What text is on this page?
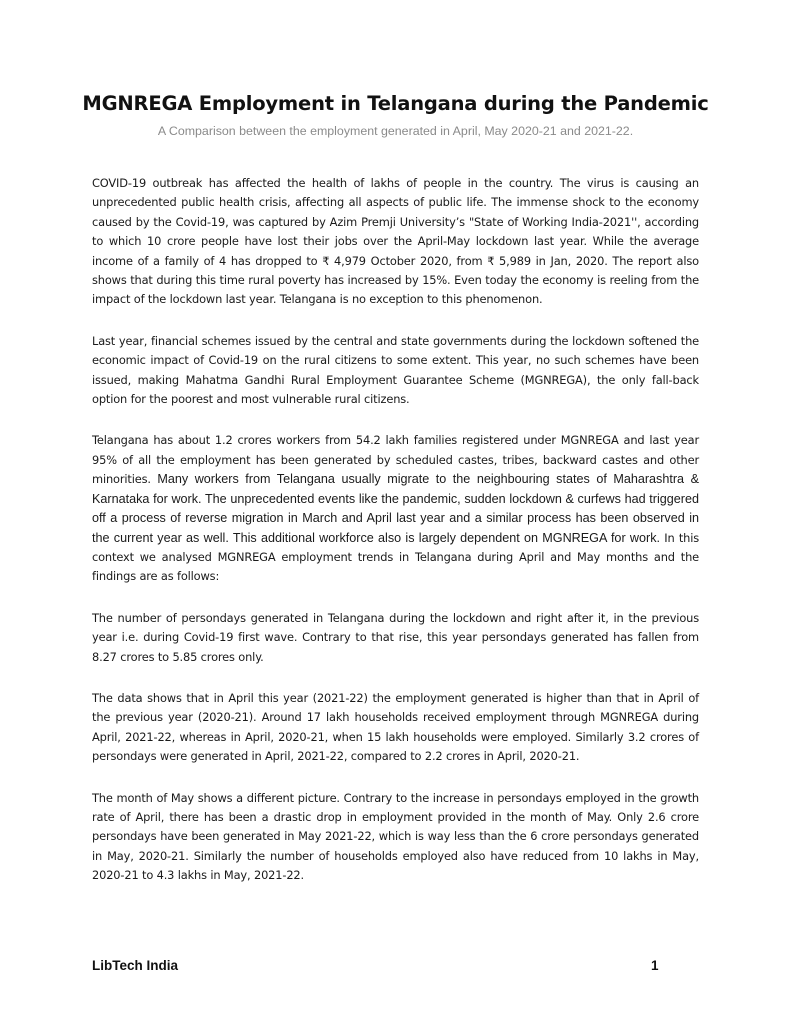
MGNREGA Employment in Telangana during the Pandemic

A Comparison between the employment generated in April, May 2020-21 and 2021-22.

COVID-19 outbreak has affected the health of lakhs of people in the country. The virus is causing an unprecedented public health crisis, affecting all aspects of public life. The immense shock to the economy caused by the Covid-19, was captured by Azim Premji University’s "State of Working India-2021'', according to which 10 crore people have lost their jobs over the April-May lockdown last year. While the average income of a family of 4 has dropped to ₹ 4,979 October 2020, from ₹ 5,989 in Jan, 2020. The report also shows that during this time rural poverty has increased by 15%. Even today the economy is reeling from the impact of the lockdown last year. Telangana is no exception to this phenomenon.

Last year, financial schemes issued by the central and state governments during the lockdown softened the economic impact of Covid-19 on the rural citizens to some extent. This year, no such schemes have been issued, making Mahatma Gandhi Rural Employment Guarantee Scheme (MGNREGA), the only fall-back option for the poorest and most vulnerable rural citizens.

Telangana has about 1.2 crores workers from 54.2 lakh families registered under MGNREGA and last year 95% of all the employment has been generated by scheduled castes, tribes, backward castes and other minorities. Many workers from Telangana usually migrate to the neighbouring states of Maharashtra & Karnataka for work. The unprecedented events like the pandemic, sudden lockdown & curfews had triggered off a process of reverse migration in March and April last year and a similar process has been observed in the current year as well. This additional workforce also is largely dependent on MGNREGA for work. In this context we analysed MGNREGA employment trends in Telangana during April and May months and the findings are as follows:

The number of persondays generated in Telangana during the lockdown and right after it, in the previous year i.e. during Covid-19 first wave. Contrary to that rise, this year persondays generated has fallen from 8.27 crores to 5.85 crores only.

The data shows that in April this year (2021-22) the employment generated is higher than that in April of the previous year (2020-21). Around 17 lakh households received employment through MGNREGA during April, 2021-22, whereas in April, 2020-21, when 15 lakh households were employed. Similarly 3.2 crores of persondays were generated in April, 2021-22, compared to 2.2 crores in April, 2020-21.

The month of May shows a different picture. Contrary to the increase in persondays employed in the growth rate of April, there has been a drastic drop in employment provided in the month of May. Only 2.6 crore persondays have been generated in May 2021-22, which is way less than the 6 crore persondays generated in May, 2020-21. Similarly the number of households employed also have reduced from 10 lakhs in May, 2020-21 to 4.3 lakhs in May, 2021-22.

LibTech India	1
